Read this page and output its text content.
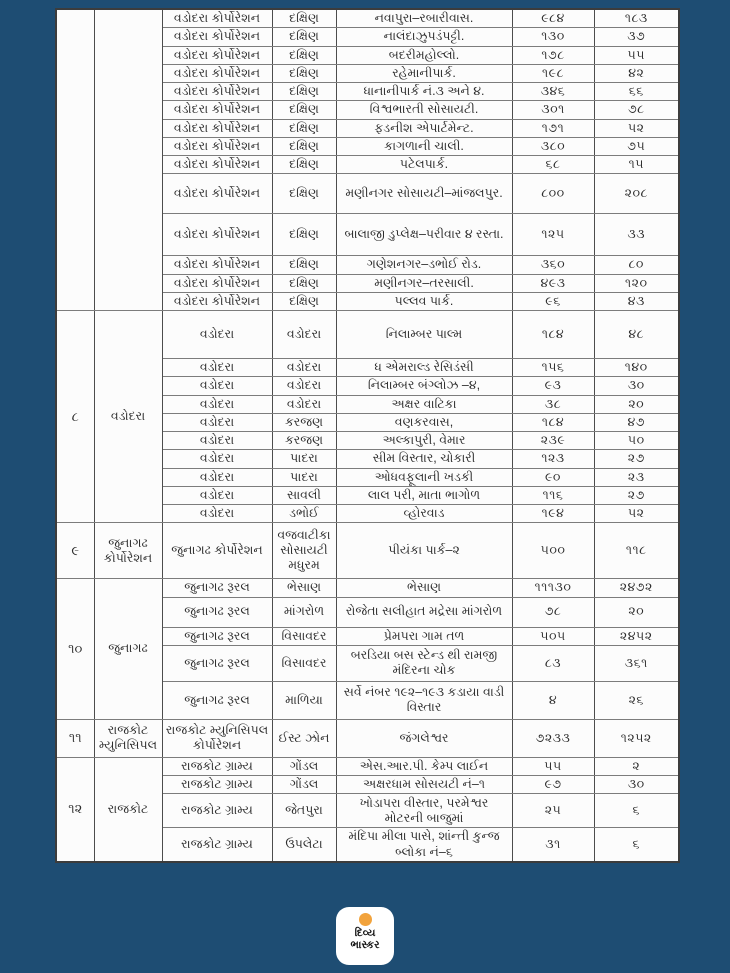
		વડોદરા કોર્પોરેશન	દક્ષિણ	નવાપુરા–રબારીવાસ.	૯૮૪	૧૮૩
		વડોદરા કોર્પોરેશન	દક્ષિણ	નાલંદાઝુપડંપટ્ટી.	૧૩૦	૩૭
		વડોદરા કોર્પોરેશન	દક્ષિણ	બદરીમહોલ્લો.	૧૭૮	૫૫
		વડોદરા કોર્પોરેશન	દક્ષિણ	રહેમાનીપાર્ક.	૧૯૮	૪૨
		વડોદરા કોર્પોરેશન	દક્ષિણ	ધાનાનીપાર્ક નં.૩ અને ૪.	૩૪૬	૬૬
		વડોદરા કોર્પોરેશન	દક્ષિણ	વિશ્વભારતી સોસાયટી.	૩૦૧	૭૮
		વડોદરા કોર્પોરેશન	દક્ષિણ	ફડનીશ એપાર્ટમેન્ટ.	૧૭૧	૫૨
		વડોદરા કોર્પોરેશન	દક્ષિણ	કાગળાની ચાલી.	૩૮૦	૭૫
		વડોદરા કોર્પોરેશન	દક્ષિણ	પટેલપાર્ક.	૬૮	૧૫
		વડોદરા કોર્પોરેશન	દક્ષિણ	મણીનગર સોસાયટી–માંજલપુર.	૮૦૦	૨૦૮
		વડોદરા કોર્પોરેશન	દક્ષિણ	બાલાજી ડુપ્લેક્ષ–પરીવાર ૪ રસ્તા.	૧૨૫	૩૩
		વડોદરા કોર્પોરેશન	દક્ષિણ	ગણેશનગર–ડભોઈ રોડ.	૩૬૦	૮૦
		વડોદરા કોર્પોરેશન	દક્ષિણ	મણીનગર–તરસાલી.	૪૯૩	૧૨૦
		વડોદરા કોર્પોરેશન	દક્ષિણ	પલ્લવ પાર્ક.	૯૬	૪૩
૮	વડોદરા	વડોદરા	વડોદરા	નિલામ્બર પાલ્મ	૧૮૪	૪૮
		વડોદરા	વડોદરા	ધ એમરાલ્ડ રેસિડંસી	૧૫૬	૧૪૦
		વડોદરા	વડોદરા	નિલામ્બર બંગ્લોઝ –૪,	૯૩	૩૦
		વડોદરા	વડોદરા	અક્ષર વાટિકા	૩૮	૨૦
		વડોદરા	કરજણ	વણકરવાસ,	૧૮૪	૪૭
		વડોદરા	કરજણ	અલ્કાપુરી, વેમાર	૨૩૯	૫૦
		વડોદરા	પાદરા	સીમ વિસ્તાર, ચોકારી	૧૨૩	૨૭
		વડોદરા	પાદરા	ઓધવફૂલાની ખડકી	૯૦	૨૩
		વડોદરા	સાવલી	લાલ પરી, માતા ભાગોળ	૧૧૬	૨૭
		વડોદરા	ડભોઈ	વ્હોરવાડ	૧૯૪	૫૨
૯	જુનાગઢ કોર્પોરેશન	જુનાગઢ કોર્પોરેશન	વજવાટીકા સોસાયટી મધુરમ	પીયંકા પાર્ક–૨	૫૦૦	૧૧૮
૧૦	જુનાગઢ	જુનાગઢ રૂરલ	ભેસાણ	ભેસાણ	૧૧૧૩૦	૨૪૭૨
		જુનાગઢ રૂરલ	માંગરોળ	રોજેતા સલીહાત મદ્રેસા માંગરોળ	૭૮	૨૦
		જુનાગઢ રૂરલ	વિસાવદર	પ્રેમપરા ગામ તળ	૫૦૫	૨૪૫૨
		જુનાગઢ રૂરલ	વિસાવદર	બરડિયા બસ સ્ટેન્ડ થી રામજી મંદિરના ચોક	૮૩	૩૬૧
		જુનાગઢ રૂરલ	માળિયા	સર્વે નંબર ૧૯૨–૧૯૩ કડાયા વાડી વિસ્તાર	૪	૨૬
૧૧	રાજકોટ મ્યુનિસિપલ	રાજકોટ મ્યુનિસિપલ કોર્પોરેશન	ઈસ્ટ ઝોન	જંગલેશ્વર	૭૨૩૩	૧૨૫૨
૧૨	રાજકોટ	રાજકોટ ગ્રામ્ય	ગોંડલ	એસ.આર.પી. કેમ્પ લાઈન	૫૫	૨
		રાજકોટ ગ્રામ્ય	ગોંડલ	અક્ષરધામ સોસયટી નં–૧	૯૭	૩૦
		રાજકોટ ગ્રામ્ય	જેતપુરા	ખોડાપરા વીસ્તાર, પરમેશ્વર મોટરની બાજુમાં	૨૫	૬
		રાજકોટ ગ્રામ્ય	ઉપલેટા	મંદિપા મીલા પાસે, શાંન્તી કુન્જ બ્લોકા નં–૬	૩૧	૬
દિવ્ય
ભાસ્કર
